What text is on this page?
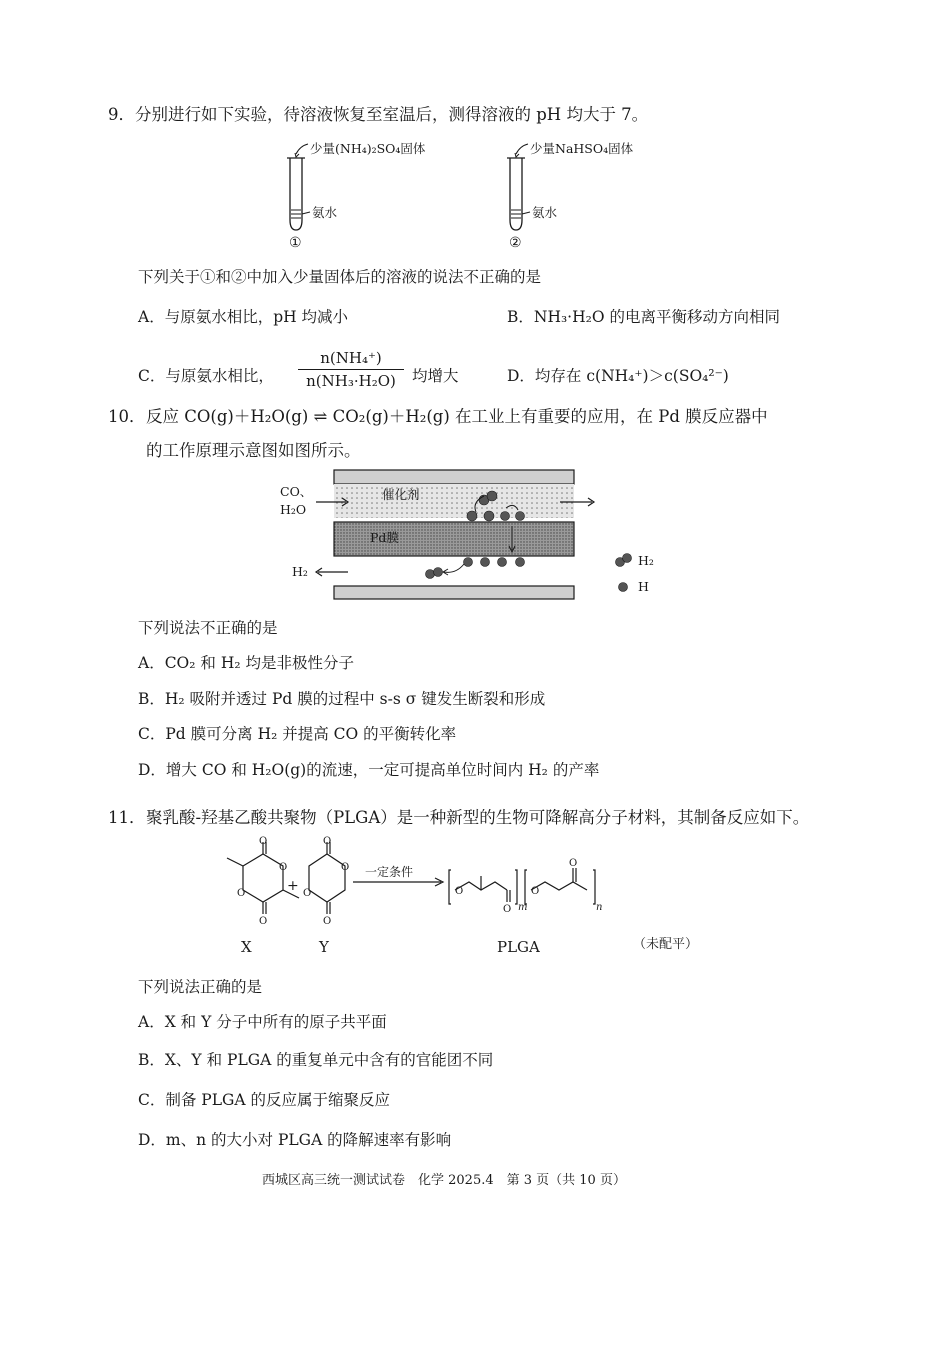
9． 分别进行如下实验，待溶液恢复至室温后，测得溶液的 pH 均大于 7。
少量(NH₄)₂SO₄固体
氨水
①
少量NaHSO₄固体
氨水
②
下列关于①和②中加入少量固体后的溶液的说法不正确的是
A．与原氨水相比，pH 均减小	B．NH₃·H₂O 的电离平衡移动方向相同
C．与原氨水相比，
n(NH₄⁺)
n(NH₃·H₂O)	均增大	D．均存在 c(NH₄⁺)＞c(SO₄²⁻)
10． 反应 CO(g)＋H₂O(g) ⇌ CO₂(g)＋H₂(g) 在工业上有重要的应用，在 Pd 膜反应器中
的工作原理示意图如图所示。
CO、
H₂O
催化剂
Pd膜
H₂
H₂
H
下列说法不正确的是
A．CO₂ 和 H₂ 均是非极性分子
B．H₂ 吸附并透过 Pd 膜的过程中 s-s σ 键发生断裂和形成
C．Pd 膜可分离 H₂ 并提高 CO 的平衡转化率
D．增大 CO 和 H₂O(g)的流速，一定可提高单位时间内 H₂ 的产率
11． 聚乳酸-羟基乙酸共聚物（PLGA）是一种新型的生物可降解高分子材料，其制备反应如下。
O
O
O
O
+
O
O
O
O
一定条件
O
O
O
O
m	n
X	Y	PLGA	（未配平）
下列说法正确的是
A．X 和 Y 分子中所有的原子共平面
B．X、Y 和 PLGA 的重复单元中含有的官能团不同
C．制备 PLGA 的反应属于缩聚反应
D．m、n 的大小对 PLGA 的降解速率有影响
西城区高三统一测试试卷　化学 2025.4　第 3 页（共 10 页）
